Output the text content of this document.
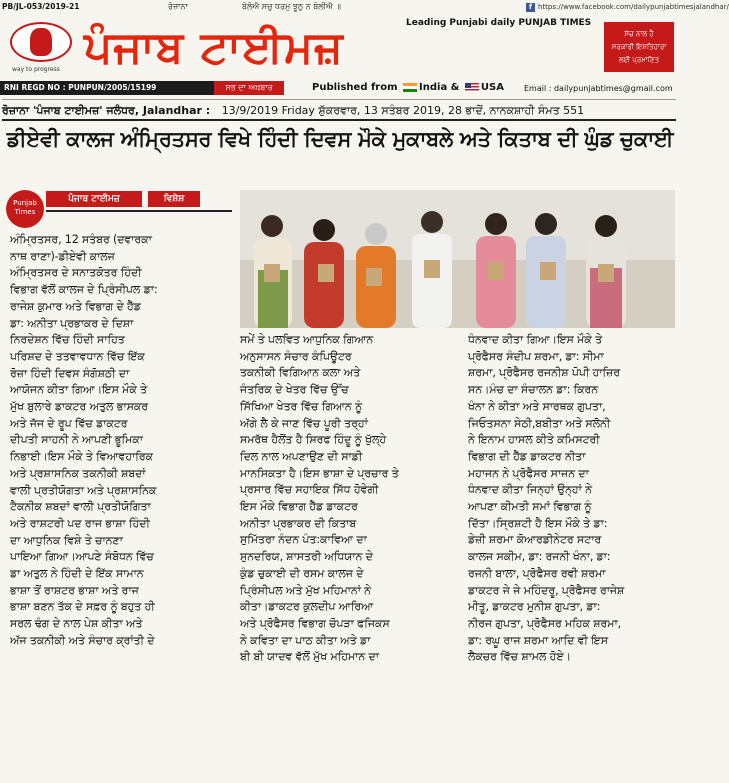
PB/JL-053/2019-21	ਰੋਜ਼ਾਨਾ	ਬੋਲੋਐ ਸਚੁ ਧਰਮੁ ਝੂਠੁ ਨ ਬੋਲੀਐ ॥	f https://www.facebook.com/dailypunjabtimesjalandhar/
Leading Punjabi daily PUNJAB TIMES
way to progress ਪੰਜਾਬ ਟਾਈਮਜ਼	ਸੱਚ ਨਾਲ ਹੈ
ਸਰਕਾਰੀ ਇਸ਼ਤਿਹਾਰਾ
ਲਈ ਪ੍ਰਮਾਣਿਤ
RNI REGD NO : PUNPUN/2005/15199	ਸਭ ਦਾ ਅਖ਼ਬਾਰ	Published from India & USA	Email : dailypunjabtimes@gmail.com
ਰੋਜ਼ਾਨਾ 'ਪੰਜਾਬ ਟਾਈਮਜ਼' ਜਲੰਧਰ, Jalandhar : 13/9/2019 Friday ਸ਼ੁੱਕਰਵਾਰ, 13 ਸਤੰਬਰ 2019, 28 ਭਾਦੋਂ, ਨਾਨਕਸ਼ਾਹੀ ਸੰਮਤ 551
ਡੀਏਵੀ ਕਾਲਜ ਅੰਮ੍ਰਿਤਸਰ ਵਿਖੇ ਹਿੰਦੀ ਦਿਵਸ ਮੌਕੇ ਮੁਕਾਬਲੇ ਅਤੇ ਕਿਤਾਬ ਦੀ ਘੁੰਡ ਚੁਕਾਈ
Punjab Times
ਪੰਜਾਬ ਟਾਈਮਜ਼	ਵਿਸ਼ੇਸ਼
ਅੰਮ੍ਰਿਤਸਰ, 12 ਸਤੰਬਰ (ਦਵਾਰਕਾ
ਨਾਥ ਰਾਣਾ)-ਡੀਏਵੀ ਕਾਲਜ
ਅੰਮ੍ਰਿਤਸਰ ਦੇ ਸਨਾਤਕੋਤਰ ਹਿੰਦੀ
ਵਿਭਾਗ ਵੱਲੋਂ ਕਾਲਜ ਦੇ ਪ੍ਰਿੰਸੀਪਲ ਡਾ:
ਰਾਜੇਸ਼ ਕੁਮਾਰ ਅਤੇ ਵਿਭਾਗ ਦੇ ਹੈੱਡ
ਡਾ: ਅਨੀਤਾ ਪ੍ਰਭਾਕਰ ਦੇ ਦਿਸ਼ਾ
ਨਿਰਦੇਸ਼ਨ ਵਿੱਚ ਹਿੰਦੀ ਸਾਹਿਤ
ਪਰਿਸ਼ਦ ਦੇ ਤਤਵਾਵਧਾਨ ਵਿੱਚ ਇੱਕ
ਰੋਜ਼ਾ ਹਿੰਦੀ ਦਿਵਸ ਸੰਗੋਸ਼ਠੀ ਦਾ
ਆਯੋਜਨ ਕੀਤਾ ਗਿਆ।ਇਸ ਮੌਕੇ ਤੇ
ਮੁੱਖ ਬੁਲਾਰੇ ਡਾਕਟਰ ਅਤੁਲ ਭਾਸਕਰ
ਅਤੇ ਜੱਜ ਦੇ ਰੂਪ ਵਿੱਚ ਡਾਕਟਰ
ਦੀਪਤੀ ਸਾਹਨੀ ਨੇ ਆਪਣੀ ਭੂਮਿਕਾ
ਨਿਭਾਈ।ਇਸ ਮੌਕੇ ਤੇ ਵਿਆਵਹਾਰਿਕ
ਅਤੇ ਪ੍ਰਸ਼ਾਸਨਿਕ ਤਕਨੀਕੀ ਸ਼ਬਦਾਂ
ਵਾਲੀ ਪ੍ਰਤੀਯੋਗਤਾ ਅਤੇ ਪ੍ਰਸ਼ਾਸਨਿਕ
ਟੈਕਨੀਕ ਸ਼ਬਦਾਂ ਵਾਲੀ ਪ੍ਰਤੀਯੋਗਿਤਾ
ਅਤੇ ਰਾਸ਼ਟਰੀ ਪਦ ਰਾਜ ਭਾਸ਼ਾ ਹਿੰਦੀ
ਦਾ ਆਧੁਨਿਕ ਵਿਸ਼ੇ ਤੇ ਚਾਨਣਾ
ਪਾਇਆ ਗਿਆ।ਆਪਣੇ ਸੰਬੋਧਨ ਵਿੱਚ
ਡਾ ਅਤੁਲ ਨੇ ਹਿੰਦੀ ਦੇ ਇੱਕ ਸਾਮਾਨ
ਭਾਸ਼ਾ ਤੋਂ ਰਾਸ਼ਟਰ ਭਾਸ਼ਾ ਅਤੇ ਰਾਜ
ਭਾਸ਼ਾ ਬਣਨ ਤੱਕ ਦੇ ਸਫ਼ਰ ਨੂੰ ਬਹੁਤ ਹੀ
ਸਰਲ ਢੰਗ ਦੇ ਨਾਲ ਪੇਸ਼ ਕੀਤਾ ਅਤੇ
ਅੱਜ ਤਕਨੀਕੀ ਅਤੇ ਸੰਚਾਰ ਕ੍ਰਾਂਤੀ ਦੇ
ਸਮੇਂ ਤੇ ਪਲਵਿਤ ਆਧੁਨਿਕ ਗਿਆਨ
ਅਨੁਸਾਸਨ ਸੰਚਾਰ ਕੰਪਿਊਟਰ
ਤਕਨੀਕੀ ਵਿਗਿਆਨ ਕਲਾ ਅਤੇ
ਜੰਤਰਿਕ ਦੇ ਖੇਤਰ ਵਿੱਚ ਉੱਚ
ਸਿੱਖਿਆ ਖੇਤਰ ਵਿੱਚ ਗਿਆਨ ਨੂੰ
ਅੱਗੇ ਲੈ ਕੇ ਜਾਣ ਵਿੱਚ ਪੂਰੀ ਤਰ੍ਹਾਂ
ਸਮਰੱਥ ਹੈਲੋਂਤ ਹੈ ਸਿਰਫ ਹਿੰਦੂ ਨੂੰ ਖੁੱਲ੍ਹੇ
ਦਿਲ ਨਾਲ ਅਪਣਾਉਣ ਦੀ ਸਾਡੀ
ਮਾਨਸਿਕਤਾ ਹੈ।ਇਸ ਭਾਸ਼ਾ ਦੇ ਪ੍ਰਚਾਰ ਤੇ
ਪ੍ਰਸਾਰ ਵਿੱਚ ਸਹਾਇਕ ਸਿੱਧ ਹੋਵੇਗੀ
ਇਸ ਮੌਕੇ ਵਿਭਾਗ ਹੈੱਡ ਡਾਕਟਰ
ਅਨੀਤਾ ਪ੍ਰਭਾਕਰ ਦੀ ਕਿਤਾਬ
ਸੁਮਿੱਤਰਾ ਨੰਦਨ ਪੰਤ:ਕਾਵਿਆ ਦਾ
ਸੁਨਦਰਿਯ, ਸ਼ਾਸਤਰੀ ਅਧਿਯਾਨ ਦੇ
ਕੁੰਡ ਚੁਕਾਈ ਦੀ ਰਸਮ ਕਾਲਜ ਦੇ
ਪ੍ਰਿੰਸੀਪਲ ਅਤੇ ਮੁੱਖ ਮਹਿਮਾਨਾਂ ਨੇ
ਕੀਤਾ।ਡਾਕਟਰ ਕੁਲਦੀਪ ਆਰਿਆ
ਅਤੇ ਪ੍ਰੋਫੈਸਰ ਵਿਭਾਗ ਚੋਪੜਾ ਫਜਿਕਸ
ਨੇ ਕਵਿਤਾ ਦਾ ਪਾਠ ਕੀਤਾ ਅਤੇ ਡਾ
ਬੀ ਬੀ ਯਾਦਵ ਵੱਲੋਂ ਮੁੱਖ ਮਹਿਮਾਨ ਦਾ
ਧੰਨਵਾਦ ਕੀਤਾ ਗਿਆ।ਇਸ ਮੌਕੇ ਤੇ
ਪ੍ਰੋਫੈਸਰ ਸੰਦੀਪ ਸ਼ਰਮਾ, ਡਾ: ਸੀਮਾ
ਸ਼ਰਮਾ, ਪ੍ਰੋਫੈਸਰ ਰਜਨੀਸ਼ ਪੋਪੀ ਹਾਜ਼ਿਰ
ਸਨ।ਮੰਚ ਦਾ ਸੰਚਾਲਨ ਡਾ: ਕਿਰਨ
ਖੰਨਾ ਨੇ ਕੀਤਾ ਅਤੇ ਸਾਰਥਕ ਗੁਪਤਾ,
ਜਿਓਤਸਨਾ ਸੇਠੀ,ਬਬੀਤਾ ਅਤੇ ਸਲੋਨੀ
ਨੇ ਇਨਾਮ ਹਾਸਲ ਕੀਤੇ ਕਮਿਸਟਰੀ
ਵਿਭਾਗ ਦੀ ਹੈੱਡ ਡਾਕਟਰ ਨੀਤਾ
ਮਹਾਜਨ ਨੇ ਪ੍ਰੋਫੈਸਰ ਸਾਜਨ ਦਾ
ਧੰਨਵਾਦ ਕੀਤਾ ਜਿਨ੍ਹਾਂ ਉਨ੍ਹਾਂ ਨੇ
ਆਪਣਾ ਕੀਮਤੀ ਸਮਾਂ ਵਿਭਾਗ ਨੂੰ
ਦਿੱਤਾ।ਸ੍ਰਿਸ਼ਟੀ ਹੈ ਇਸ ਮੌਕੇ ਤੇ ਡਾ:
ਡੇਜ਼ੀ ਸ਼ਰਮਾ ਕੋਆਰਡੀਨੇਟਰ ਸਟਾਰ
ਕਾਲਜ ਸਕੀਮ, ਡਾ: ਰਜਨੀ ਖੰਨਾ, ਡਾ:
ਰਜਨੀ ਬਾਲਾ, ਪ੍ਰੋਫੈਸਰ ਰਵੀ ਸ਼ਰਮਾ
ਡਾਕਟਰ ਜੇ ਜੇ ਮਹਿੰਦਰੂ, ਪ੍ਰੋਫੈਸਰ ਰਾਜੇਸ਼
ਮੀਤੂ, ਡਾਕਟਰ ਮੁਨੀਸ਼ ਗੁਪਤਾ, ਡਾ:
ਨੀਰਜ ਗੁਪਤਾ, ਪ੍ਰੋਫੈਸਰ ਮਹਿਕ ਸ਼ਰਮਾ,
ਡਾ: ਰਘੂ ਰਾਜ ਸ਼ਰਮਾ ਆਦਿ ਵੀ ਇਸ
ਲੈਕਚਰ ਵਿੱਚ ਸ਼ਾਮਲ ਹੋਏ।
